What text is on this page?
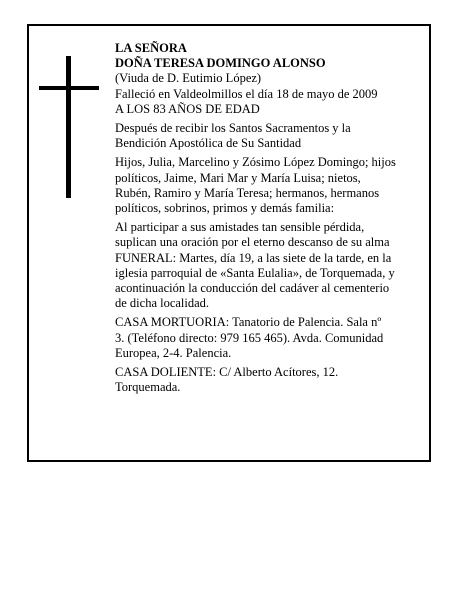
LA SEÑORA
DOÑA TERESA DOMINGO ALONSO
(Viuda de D. Eutimio López)
Falleció en Valdeolmillos el día 18 de mayo de 2009
A LOS 83 AÑOS DE EDAD
Después de recibir los Santos Sacramentos y la
Bendición Apostólica de Su Santidad
Hijos, Julia, Marcelino y Zósimo López Domingo; hijos
políticos, Jaime, Mari Mar y María Luisa; nietos,
Rubén, Ramiro y María Teresa; hermanos, hermanos
políticos, sobrinos, primos y demás familia:
Al participar a sus amistades tan sensible pérdida,
suplican una oración por el eterno descanso de su alma
FUNERAL: Martes, día 19, a las siete de la tarde, en la
iglesia parroquial de «Santa Eulalia», de Torquemada, y
acontinuación la conducción del cadáver al cementerio
de dicha localidad.
CASA MORTUORIA: Tanatorio de Palencia. Sala nº
3. (Teléfono directo: 979 165 465). Avda. Comunidad
Europea, 2-4. Palencia.
CASA DOLIENTE: C/ Alberto Acítores, 12.
Torquemada.
